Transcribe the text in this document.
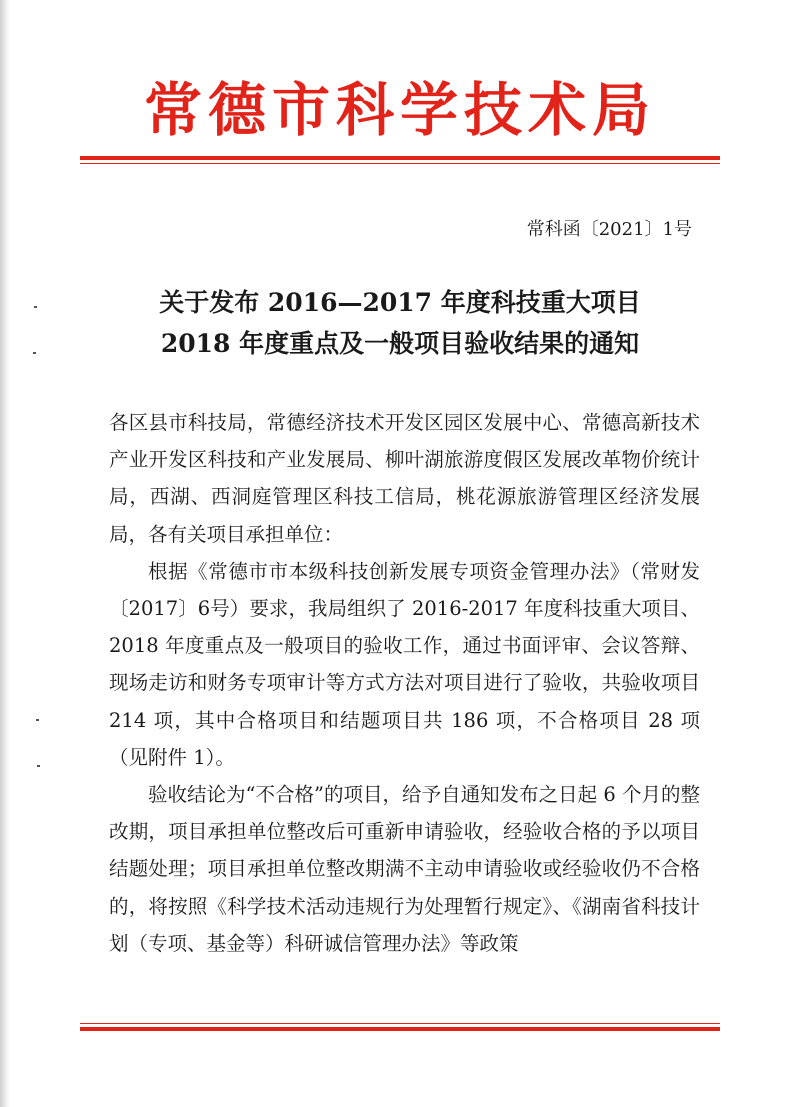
常德市科学技术局
常科函〔2021〕1号
关于发布 2016—2017 年度科技重大项目
2018 年度重点及一般项目验收结果的通知

各区县市科技局，常德经济技术开发区园区发展中心、常德高新技术产业开发区科技和产业发展局、柳叶湖旅游度假区发展改革物价统计局，西湖、西洞庭管理区科技工信局，桃花源旅游管理区经济发展局，各有关项目承担单位：

根据《常德市市本级科技创新发展专项资金管理办法》（常财发〔2017〕6号）要求，我局组织了 2016-2017 年度科技重大项目、2018 年度重点及一般项目的验收工作，通过书面评审、会议答辩、现场走访和财务专项审计等方式方法对项目进行了验收，共验收项目 214 项，其中合格项目和结题项目共 186 项，不合格项目 28 项（见附件 1）。

验收结论为“不合格”的项目，给予自通知发布之日起 6 个月的整改期，项目承担单位整改后可重新申请验收，经验收合格的予以项目结题处理；项目承担单位整改期满不主动申请验收或经验收仍不合格的，将按照《科学技术活动违规行为处理暂行规定》、《湖南省科技计划（专项、基金等）科研诚信管理办法》等政策
